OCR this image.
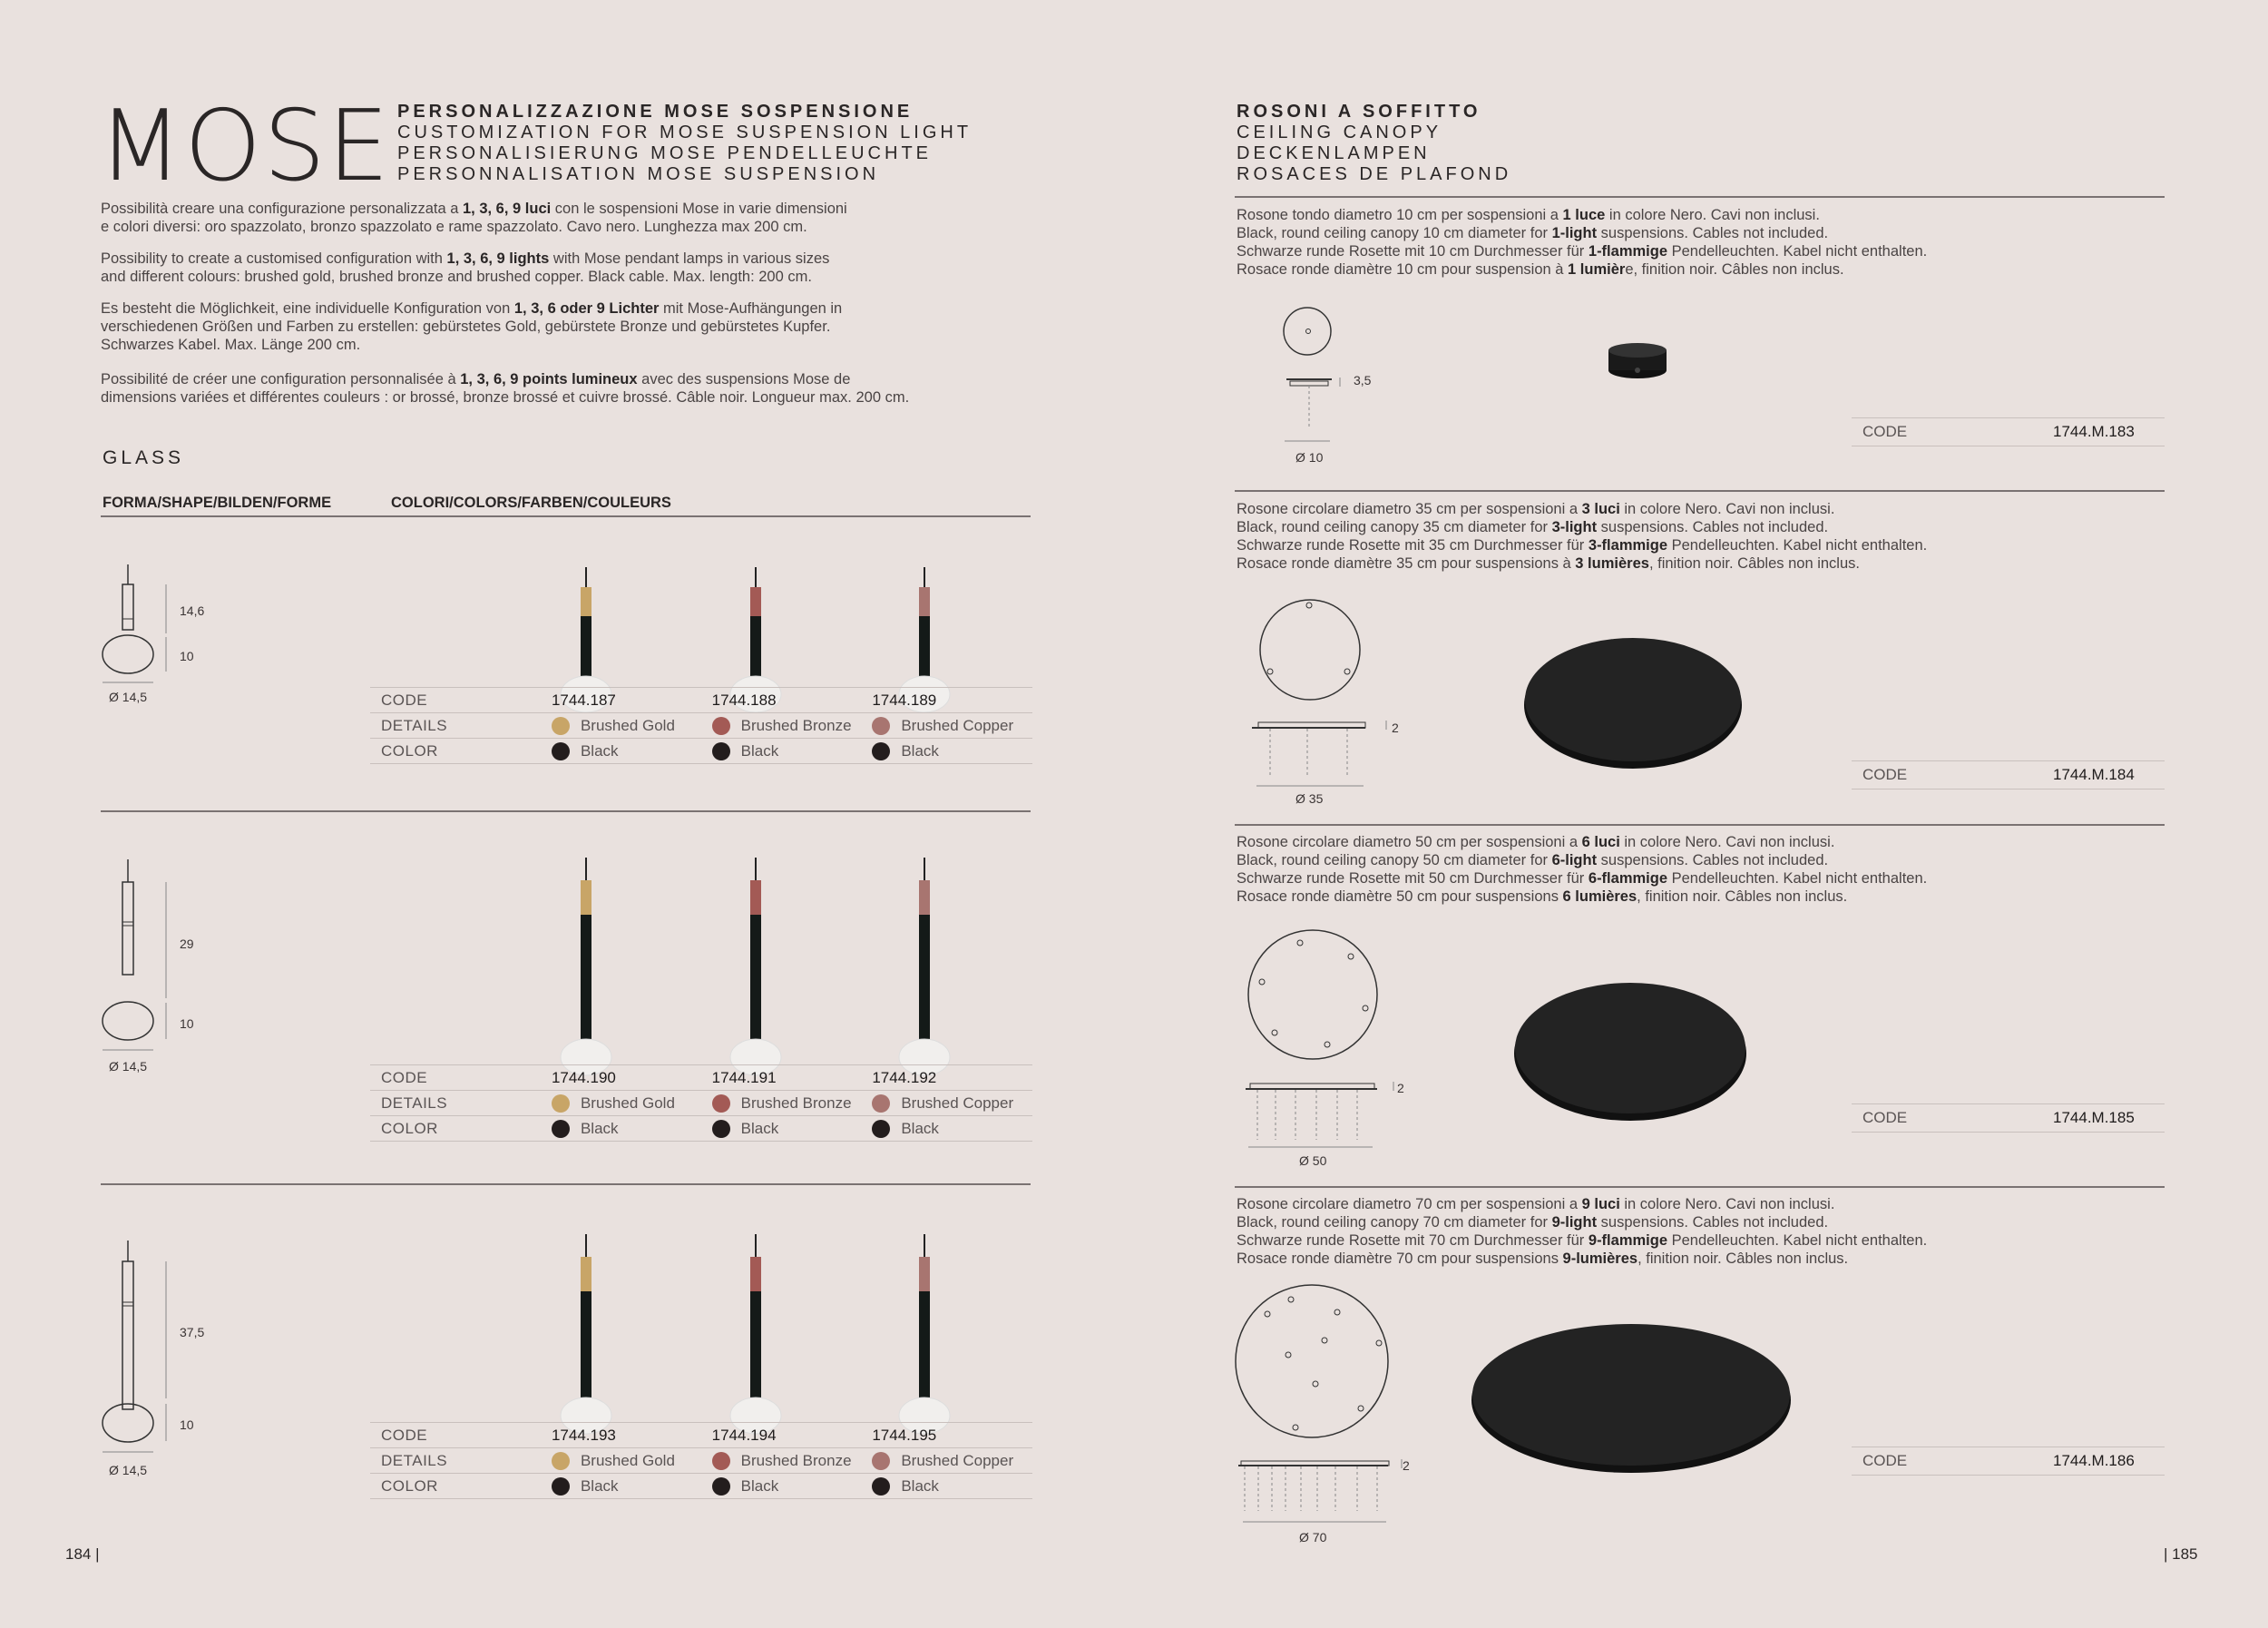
MOSE PERSONALIZZAZIONE MOSE SOSPENSIONE
CUSTOMIZATION FOR MOSE SUSPENSION LIGHT
PERSONALISIERUNG MOSE PENDELLEUCHTE
PERSONNALISATION MOSE SUSPENSION
Possibilità creare una configurazione personalizzata a 1, 3, 6, 9 luci con le sospensioni Mose in varie dimensioni
e colori diversi: oro spazzolato, bronzo spazzolato e rame spazzolato. Cavo nero. Lunghezza max 200 cm.
Possibility to create a customised configuration with 1, 3, 6, 9 lights with Mose pendant lamps in various sizes
and different colours: brushed gold, brushed bronze and brushed copper. Black cable. Max. length: 200 cm.
Es besteht die Möglichkeit, eine individuelle Konfiguration von 1, 3, 6 oder 9 Lichter mit Mose-Aufhängungen in
verschiedenen Größen und Farben zu erstellen: gebürstetes Gold, gebürstete Bronze und gebürstetes Kupfer.
Schwarzes Kabel. Max. Länge 200 cm.
Possibilité de créer une configuration personnalisée à 1, 3, 6, 9 points lumineux avec des suspensions Mose de
dimensions variées et différentes couleurs : or brossé, bronze brossé et cuivre brossé. Câble noir. Longueur max. 200 cm.
GLASS
FORMA/SHAPE/BILDEN/FORME	COLORI/COLORS/FARBEN/COULEURS
14,6
10
Ø 14,5
29
10
Ø 14,5
37,5
10
Ø 14,5
CODE	1744.187	1744.188	1744.189
DETAILS	Brushed Gold	Brushed Bronze	Brushed Copper
COLOR	Black	Black	Black
CODE	1744.190	1744.191	1744.192
DETAILS	Brushed Gold	Brushed Bronze	Brushed Copper
COLOR	Black	Black	Black
CODE	1744.193	1744.194	1744.195
DETAILS	Brushed Gold	Brushed Bronze	Brushed Copper
COLOR	Black	Black	Black
184 |
ROSONI A SOFFITTO
CEILING CANOPY
DECKENLAMPEN
ROSACES DE PLAFOND
Rosone tondo diametro 10 cm per sospensioni a 1 luce in colore Nero. Cavi non inclusi.
Black, round ceiling canopy 10 cm diameter for 1-light suspensions. Cables not included.
Schwarze runde Rosette mit 10 cm Durchmesser für 1-flammige Pendelleuchten. Kabel nicht enthalten.
Rosace ronde diamètre 10 cm pour suspension à 1 lumière, finition noir. Câbles non inclus.
CODE	1744.M.183
Rosone circolare diametro 35 cm per sospensioni a 3 luci in colore Nero. Cavi non inclusi.
Black, round ceiling canopy 35 cm diameter for 3-light suspensions. Cables not included.
Schwarze runde Rosette mit 35 cm Durchmesser für 3-flammige Pendelleuchten. Kabel nicht enthalten.
Rosace ronde diamètre 35 cm pour suspensions à 3 lumières, finition noir. Câbles non inclus.
CODE	1744.M.184
Rosone circolare diametro 50 cm per sospensioni a 6 luci in colore Nero. Cavi non inclusi.
Black, round ceiling canopy 50 cm diameter for 6-light suspensions. Cables not included.
Schwarze runde Rosette mit 50 cm Durchmesser für 6-flammige Pendelleuchten. Kabel nicht enthalten.
Rosace ronde diamètre 50 cm pour suspensions 6 lumières, finition noir. Câbles non inclus.
CODE	1744.M.185
Rosone circolare diametro 70 cm per sospensioni a 9 luci in colore Nero. Cavi non inclusi.
Black, round ceiling canopy 70 cm diameter for 9-light suspensions. Cables not included.
Schwarze runde Rosette mit 70 cm Durchmesser für 9-flammige Pendelleuchten. Kabel nicht enthalten.
Rosace ronde diamètre 70 cm pour suspensions 9-lumières, finition noir. Câbles non inclus.
CODE	1744.M.186
3,5
Ø 10
2
Ø 35
2
Ø 50
2
Ø 70
| 185
